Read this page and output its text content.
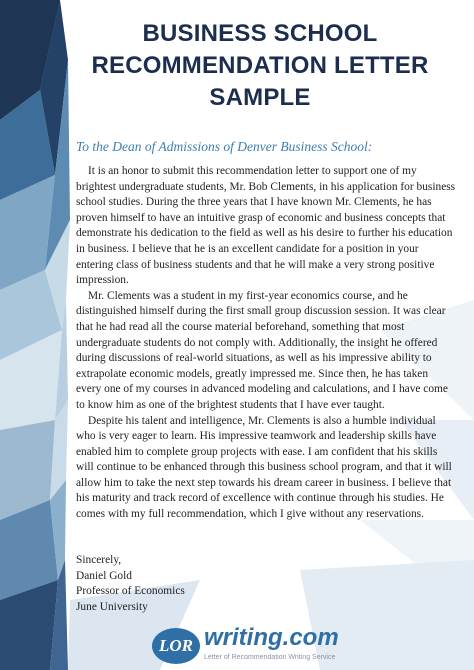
BUSINESS SCHOOL
RECOMMENDATION LETTER
SAMPLE
To the Dean of Admissions of Denver Business School:

It is an honor to submit this recommendation letter to support one of my brightest undergraduate students, Mr. Bob Clements, in his application for business school studies. During the three years that I have known Mr. Clements, he has proven himself to have an intuitive grasp of economic and business concepts that demonstrate his dedication to the field as well as his desire to further his education in business. I believe that he is an excellent candidate for a position in your entering class of business students and that he will make a very strong positive impression.

Mr. Clements was a student in my first-year economics course, and he distinguished himself during the first small group discussion session. It was clear that he had read all the course material beforehand, something that most undergraduate students do not comply with. Additionally, the insight he offered during discussions of real-world situations, as well as his impressive ability to extrapolate economic models, greatly impressed me. Since then, he has taken every one of my courses in advanced modeling and calculations, and I have come to know him as one of the brightest students that I have ever taught.

Despite his talent and intelligence, Mr. Clements is also a humble individual who is very eager to learn. His impressive teamwork and leadership skills have enabled him to complete group projects with ease. I am confident that his skills will continue to be enhanced through this business school program, and that it will allow him to take the next step towards his dream career in business. I believe that his maturity and track record of excellence with continue through his studies. He comes with my full recommendation, which I give without any reservations.

Sincerely,
Daniel Gold
Professor of Economics
June University
LOR writing.com
Letter of Recommendation Writing Service
